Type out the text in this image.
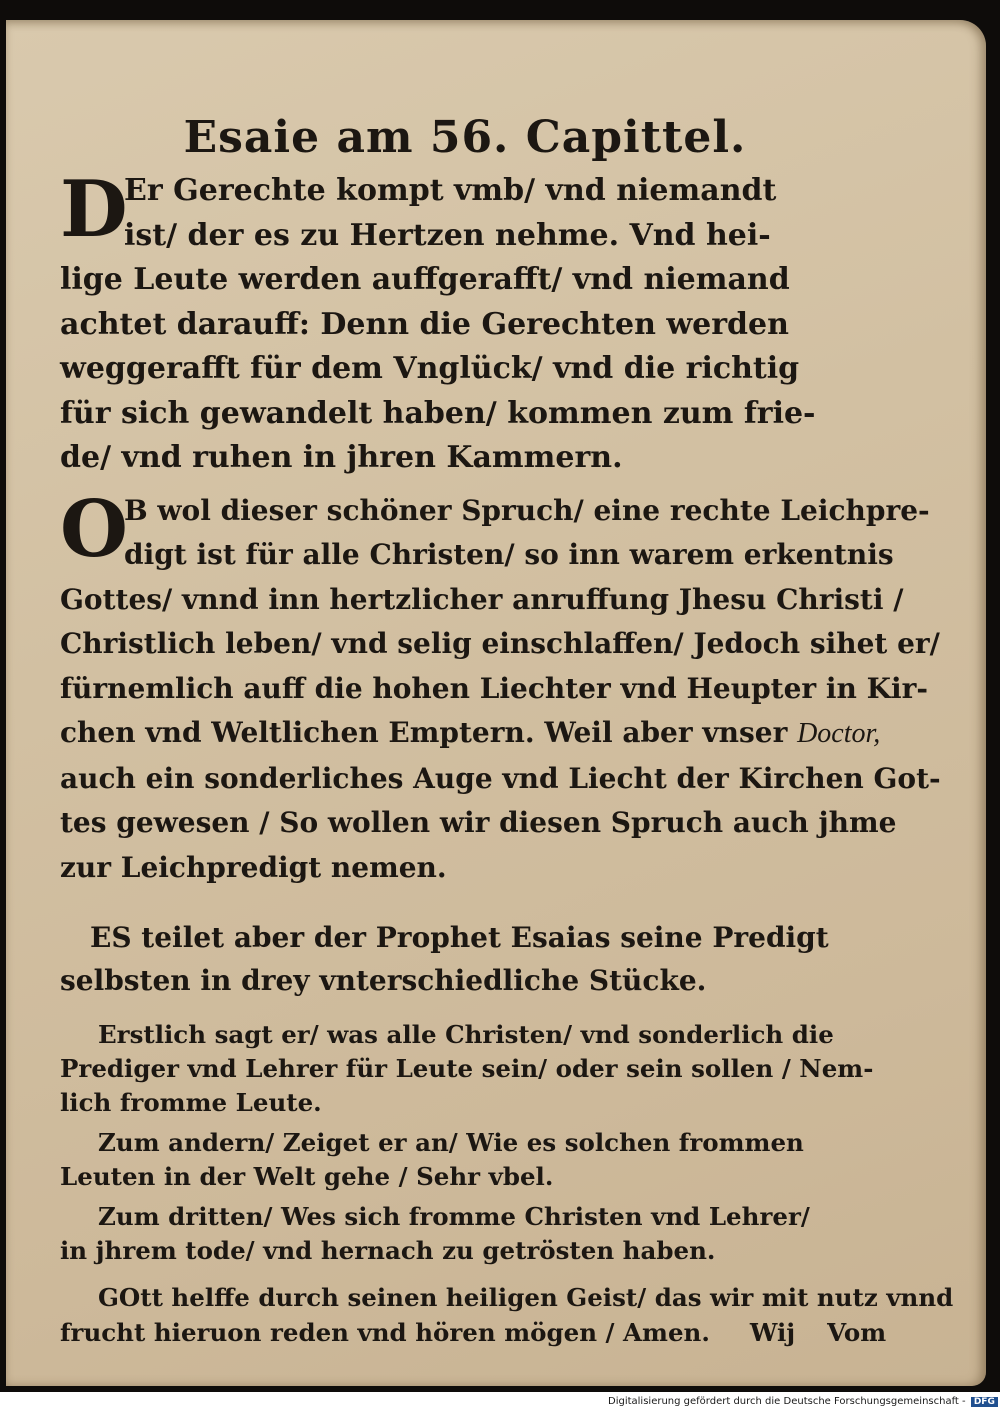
Esaie am 56. Capittel.

D
Er Gerechte kompt vmb/ vnd niemandt
ist/ der es zu Hertzen nehme. Vnd hei-
lige Leute werden auffgerafft/ vnd niemand
achtet darauff: Denn die Gerechten werden
weggerafft für dem Vnglück/ vnd die richtig
für sich gewandelt haben/ kommen zum frie-
de/ vnd ruhen in jhren Kammern.

O
B wol dieser schöner Spruch/ eine rechte Leichpre-
digt ist für alle Christen/ so inn warem erkentnis
Gottes/ vnnd inn hertzlicher anruffung Jhesu Christi /
Christlich leben/ vnd selig einschlaffen/ Jedoch sihet er/
fürnemlich auff die hohen Liechter vnd Heupter in Kir-
chen vnd Weltlichen Emptern. Weil aber vnser Doctor,
auch ein sonderliches Auge vnd Liecht der Kirchen Got-
tes gewesen / So wollen wir diesen Spruch auch jhme
zur Leichpredigt nemen.

ES teilet aber der Prophet Esaias seine Predigt
selbsten in drey vnterschiedliche Stücke.

Erstlich sagt er/ was alle Christen/ vnd sonderlich die
Prediger vnd Lehrer für Leute sein/ oder sein sollen / Nem-
lich fromme Leute.

Zum andern/ Zeiget er an/ Wie es solchen frommen
Leuten in der Welt gehe / Sehr vbel.

Zum dritten/ Wes sich fromme Christen vnd Lehrer/
in jhrem tode/ vnd hernach zu getrösten haben.

GOtt helffe durch seinen heiligen Geist/ das wir mit nutz vnnd
frucht hieruon reden vnd hören mögen / Amen. Wij Vom

Digitalisierung gefördert durch die Deutsche Forschungsgemeinschaft - DFG
